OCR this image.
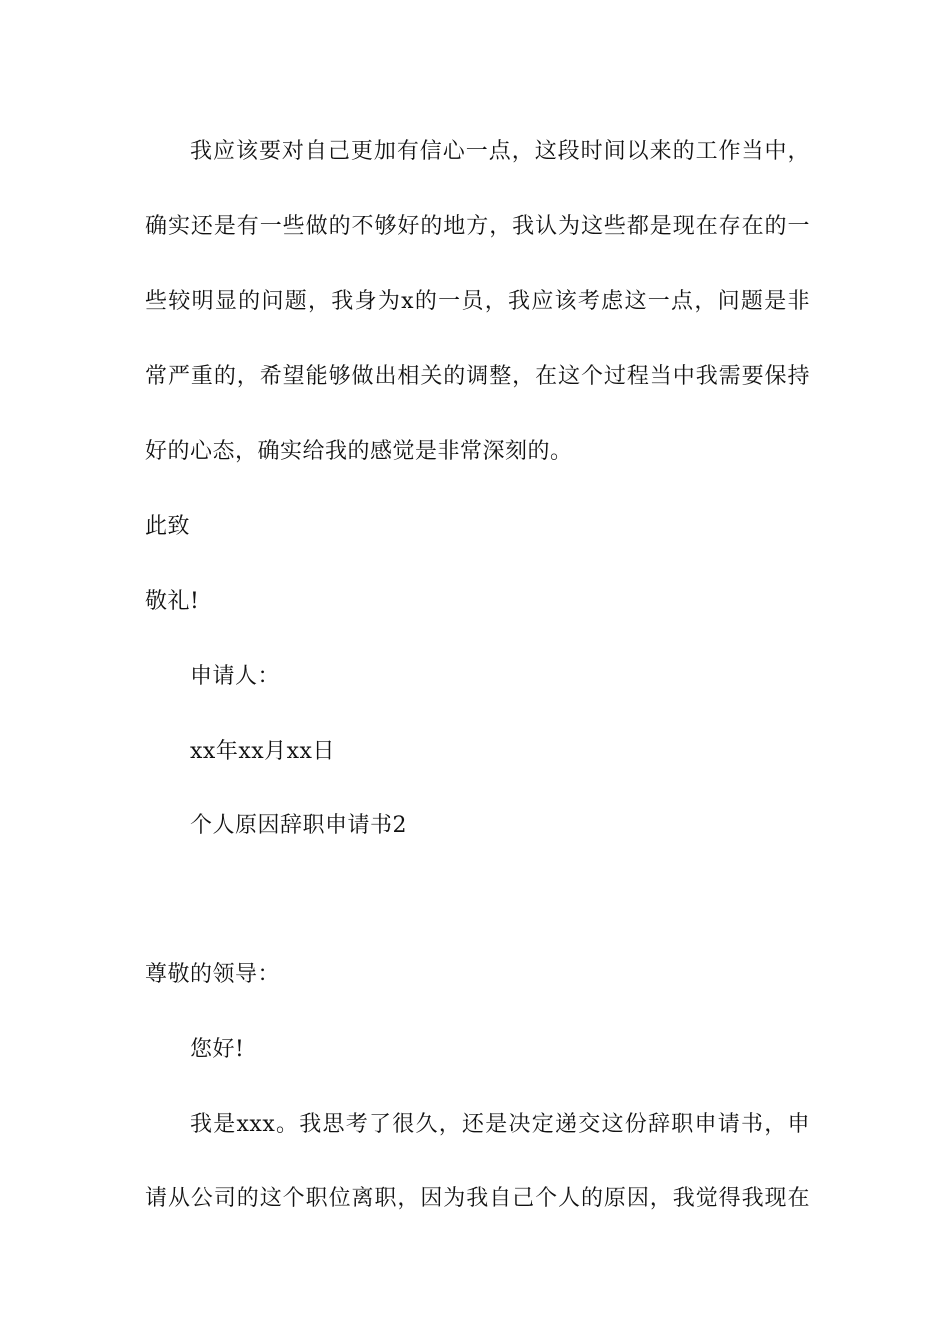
我应该要对自己更加有信心一点，这段时间以来的工作当中，
确实还是有一些做的不够好的地方，我认为这些都是现在存在的一
些较明显的问题，我身为x的一员，我应该考虑这一点，问题是非
常严重的，希望能够做出相关的调整，在这个过程当中我需要保持
好的心态，确实给我的感觉是非常深刻的。
此致
敬礼!
申请人：
xx年xx月xx日
个人原因辞职申请书2
尊敬的领导：
您好!
我是xxx。我思考了很久，还是决定递交这份辞职申请书，申
请从公司的这个职位离职，因为我自己个人的原因，我觉得我现在
